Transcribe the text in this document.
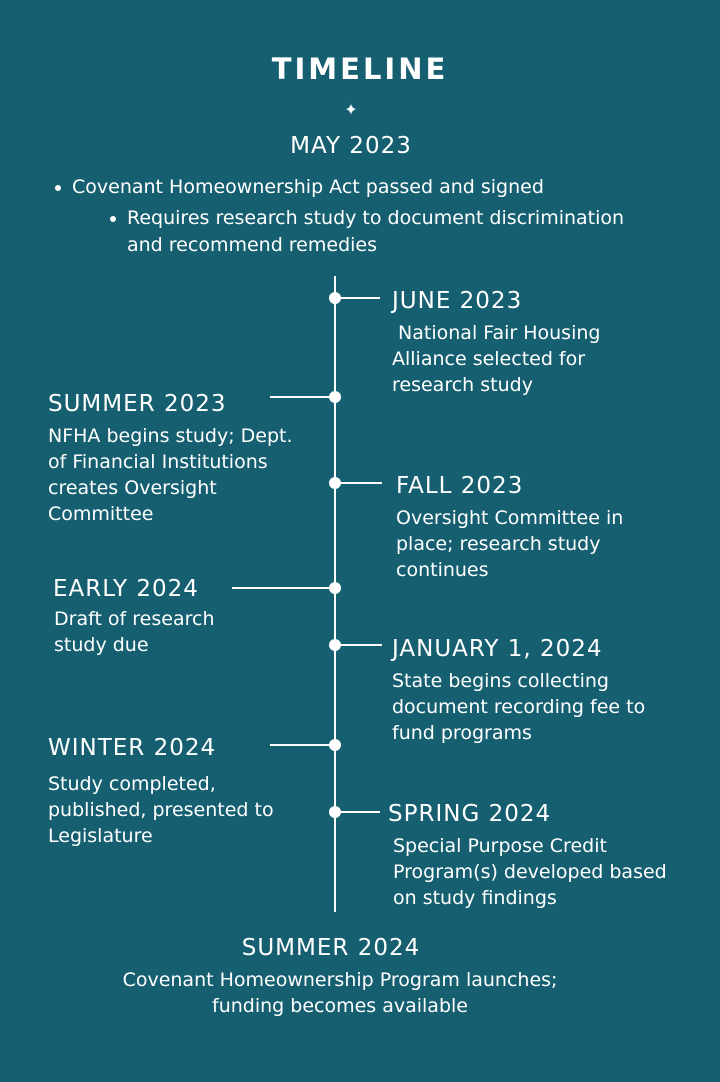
TIMELINE
✦
MAY 2023
Covenant Homeownership Act passed and signed
Requires research study to document discrimination and recommend remedies
JUNE 2023
National Fair Housing Alliance selected for research study
SUMMER 2023
NFHA begins study; Dept. of Financial Institutions creates Oversight Committee
FALL 2023
Oversight Committee in place; research study continues
EARLY 2024
Draft of research study due	JANUARY 1, 2024
State begins collecting document recording fee to fund programs
WINTER 2024
Study completed, published, presented to Legislature
SPRING 2024
Special Purpose Credit Program(s) developed based on study findings
SUMMER 2024
Covenant Homeownership Program launches; funding becomes available
